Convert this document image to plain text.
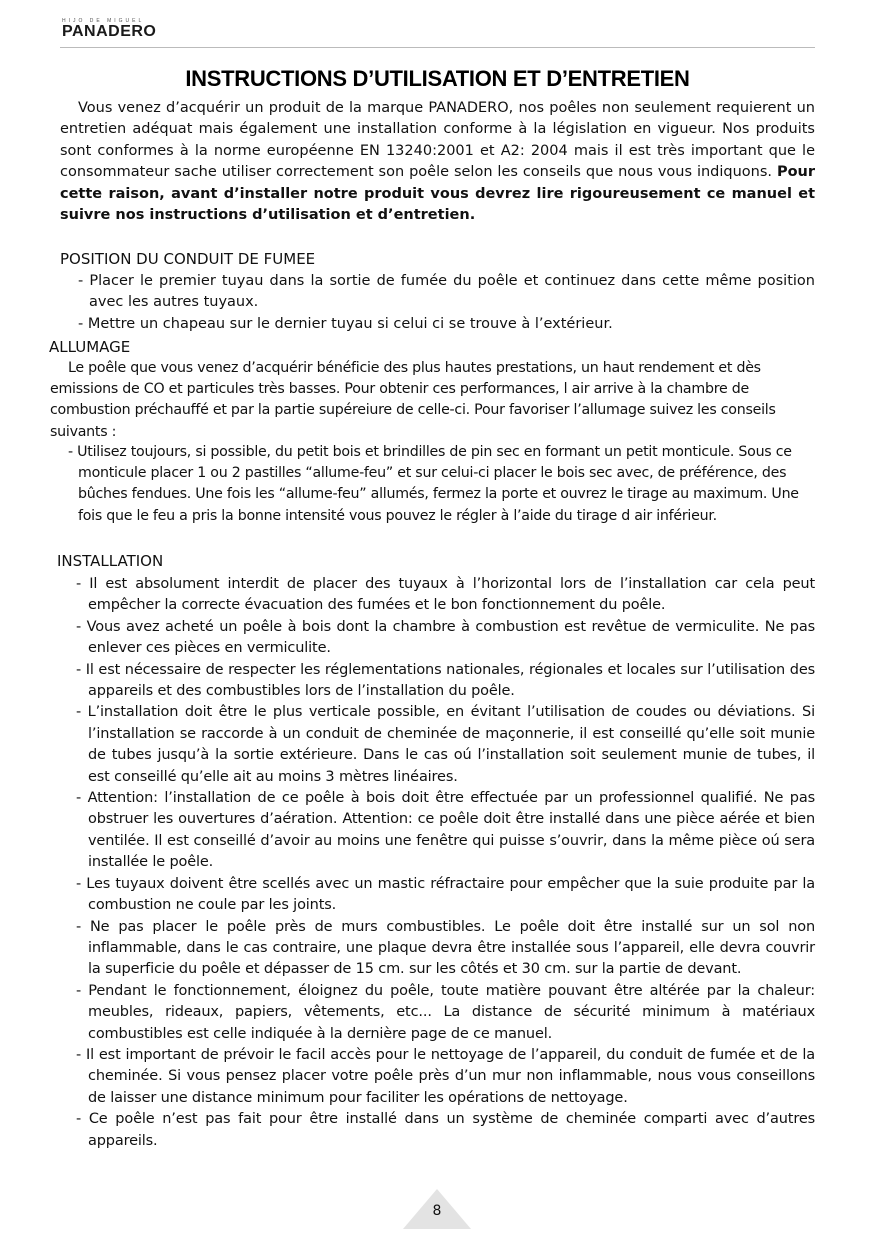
HIJO DE MIGUEL
PANADERO
INSTRUCTIONS D’UTILISATION ET D’ENTRETIEN
Vous venez d’acquérir un produit de la marque PANADERO, nos poêles non seulement requierent un entretien adéquat mais également une installation conforme à la législation en vigueur. Nos produits sont conformes à la norme européenne EN 13240:2001 et A2: 2004 mais il est très important que le consommateur sache utiliser correctement son poêle selon les conseils que nous vous indiquons. Pour cette raison, avant d’installer notre produit vous devrez lire rigoureusement ce manuel et suivre nos instructions d’utilisation et d’entretien.
POSITION DU CONDUIT DE FUMEE
- Placer le premier tuyau dans la sortie de fumée du poêle et continuez dans cette même position avec les autres tuyaux.
- Mettre un chapeau sur le dernier tuyau si celui ci se trouve à l’extérieur.
ALLUMAGE
Le poêle que vous venez d’acquérir bénéficie des plus hautes prestations, un haut rendement et dès emissions de CO et particules très basses. Pour obtenir ces performances, l air arrive à la chambre de combustion préchauffé et par la partie supéreiure de celle-ci. Pour favoriser l’allumage suivez les conseils suivants :
- Utilisez toujours, si possible, du petit bois et brindilles de pin sec en formant un petit monticule. Sous ce monticule placer 1 ou 2 pastilles “allume-feu” et sur celui-ci placer le bois sec avec, de préférence, des bûches fendues. Une fois les “allume-feu” allumés, fermez la porte et ouvrez le tirage au maximum. Une fois que le feu a pris la bonne intensité vous pouvez le régler à l’aide du tirage d air inférieur.
INSTALLATION
- Il est absolument interdit de placer des tuyaux à l’horizontal lors de l’installation car cela peut empêcher la correcte évacuation des fumées et le bon fonctionnement du poêle.
- Vous avez acheté un poêle à bois dont la chambre à combustion est revêtue de vermiculite. Ne pas enlever ces pièces en vermiculite.
- Il est nécessaire de respecter les réglementations nationales, régionales et locales sur l’utilisation des appareils et des combustibles lors de l’installation du poêle.
- L’installation doit être le plus verticale possible, en évitant l’utilisation de coudes ou déviations. Si l’installation se raccorde à un conduit de cheminée de maçonnerie, il est conseillé qu’elle soit munie de tubes jusqu’à la sortie extérieure. Dans le cas oú l’installation soit seulement munie de tubes, il est conseillé qu’elle ait au moins 3 mètres linéaires.
- Attention: l’installation de ce poêle à bois doit être effectuée par un professionnel qualifié. Ne pas obstruer les ouvertures d’aération. Attention: ce poêle doit être installé dans une pièce aérée et bien ventilée. Il est conseillé d’avoir au moins une fenêtre qui puisse s’ouvrir, dans la même pièce oú sera installée le poêle.
- Les tuyaux doivent être scellés avec un mastic réfractaire pour empêcher que la suie produite par la combustion ne coule par les joints.
- Ne pas placer le poêle près de murs combustibles. Le poêle doit être installé sur un sol non inflammable, dans le cas contraire, une plaque devra être installée sous l’appareil, elle devra couvrir la superficie du poêle et dépasser de 15 cm. sur les côtés et 30 cm. sur la partie de devant.
- Pendant le fonctionnement, éloignez du poêle, toute matière pouvant être altérée par la chaleur: meubles, rideaux, papiers, vêtements, etc... La distance de sécurité minimum à matériaux combustibles est celle indiquée à la dernière page de ce manuel.
- Il est important de prévoir le facil accès pour le nettoyage de l’appareil, du conduit de fumée et de la cheminée. Si vous pensez placer votre poêle près d’un mur non inflammable, nous vous conseillons de laisser une distance minimum pour faciliter les opérations de nettoyage.
- Ce poêle n’est pas fait pour être installé dans un système de cheminée comparti avec d’autres appareils.
8
